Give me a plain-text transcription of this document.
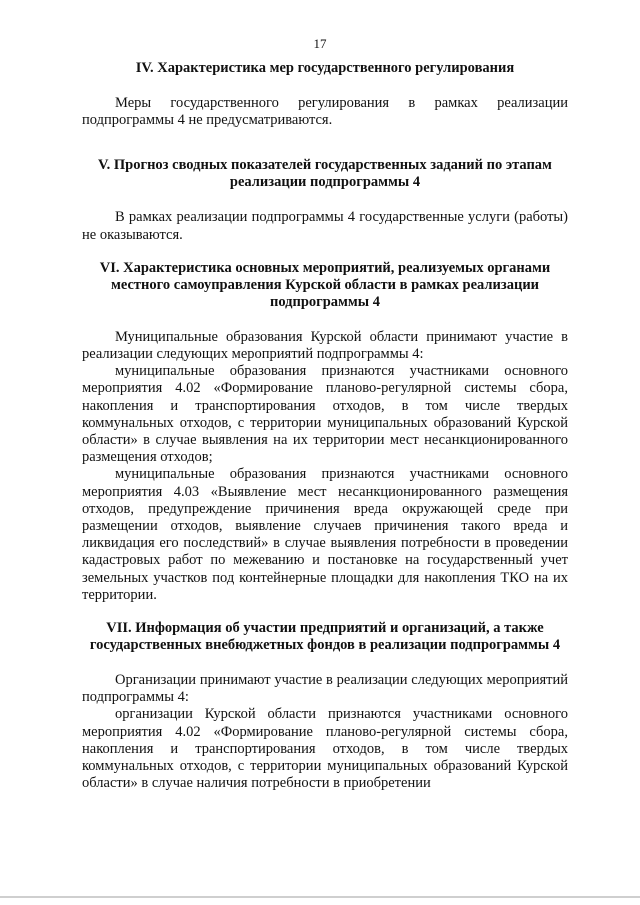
17
IV. Характеристика мер государственного регулирования

Меры государственного регулирования в рамках реализации подпрограммы 4 не предусматриваются.

V. Прогноз сводных показателей государственных заданий по этапам реализации подпрограммы 4

В рамках реализации подпрограммы 4 государственные услуги (работы) не оказываются.

VI. Характеристика основных мероприятий, реализуемых органами местного самоуправления Курской области в рамках реализации подпрограммы 4

Муниципальные образования Курской области принимают участие в реализации следующих мероприятий подпрограммы 4:

муниципальные образования признаются участниками основного мероприятия 4.02 «Формирование планово-регулярной системы сбора, накопления и транспортирования отходов, в том числе твердых коммунальных отходов, с территории муниципальных образований Курской области» в случае выявления на их территории мест несанкционированного размещения отходов;

муниципальные образования признаются участниками основного мероприятия 4.03 «Выявление мест несанкционированного размещения отходов, предупреждение причинения вреда окружающей среде при размещении отходов, выявление случаев причинения такого вреда и ликвидация его последствий» в случае выявления потребности в проведении кадастровых работ по межеванию и постановке на государственный учет земельных участков под контейнерные площадки для накопления ТКО на их территории.

VII. Информация об участии предприятий и организаций, а также государственных внебюджетных фондов в реализации подпрограммы 4

Организации принимают участие в реализации следующих мероприятий подпрограммы 4:

организации Курской области признаются участниками основного мероприятия 4.02 «Формирование планово-регулярной системы сбора, накопления и транспортирования отходов, в том числе твердых коммунальных отходов, с территории муниципальных образований Курской области» в случае наличия потребности в приобретении
